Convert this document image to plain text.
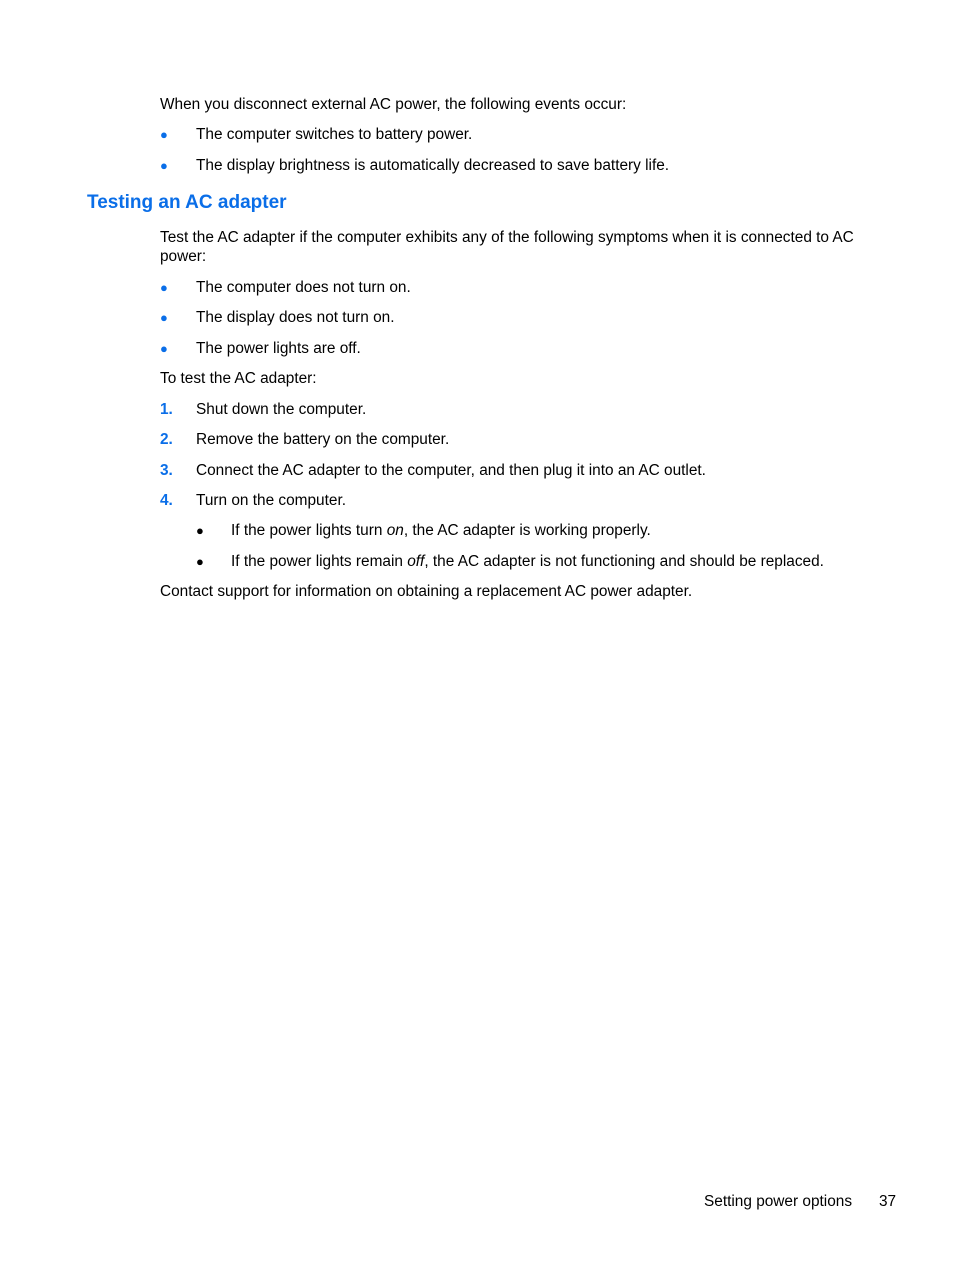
When you disconnect external AC power, the following events occur:

● The computer switches to battery power.

● The display brightness is automatically decreased to save battery life.

Testing an AC adapter

Test the AC adapter if the computer exhibits any of the following symptoms when it is connected to AC power:

● The computer does not turn on.

● The display does not turn on.

● The power lights are off.

To test the AC adapter:

1. Shut down the computer.

2. Remove the battery on the computer.

3. Connect the AC adapter to the computer, and then plug it into an AC outlet.

4. Turn on the computer.

● If the power lights turn on, the AC adapter is working properly.

● If the power lights remain off, the AC adapter is not functioning and should be replaced.

Contact support for information on obtaining a replacement AC power adapter.

Setting power options 37
